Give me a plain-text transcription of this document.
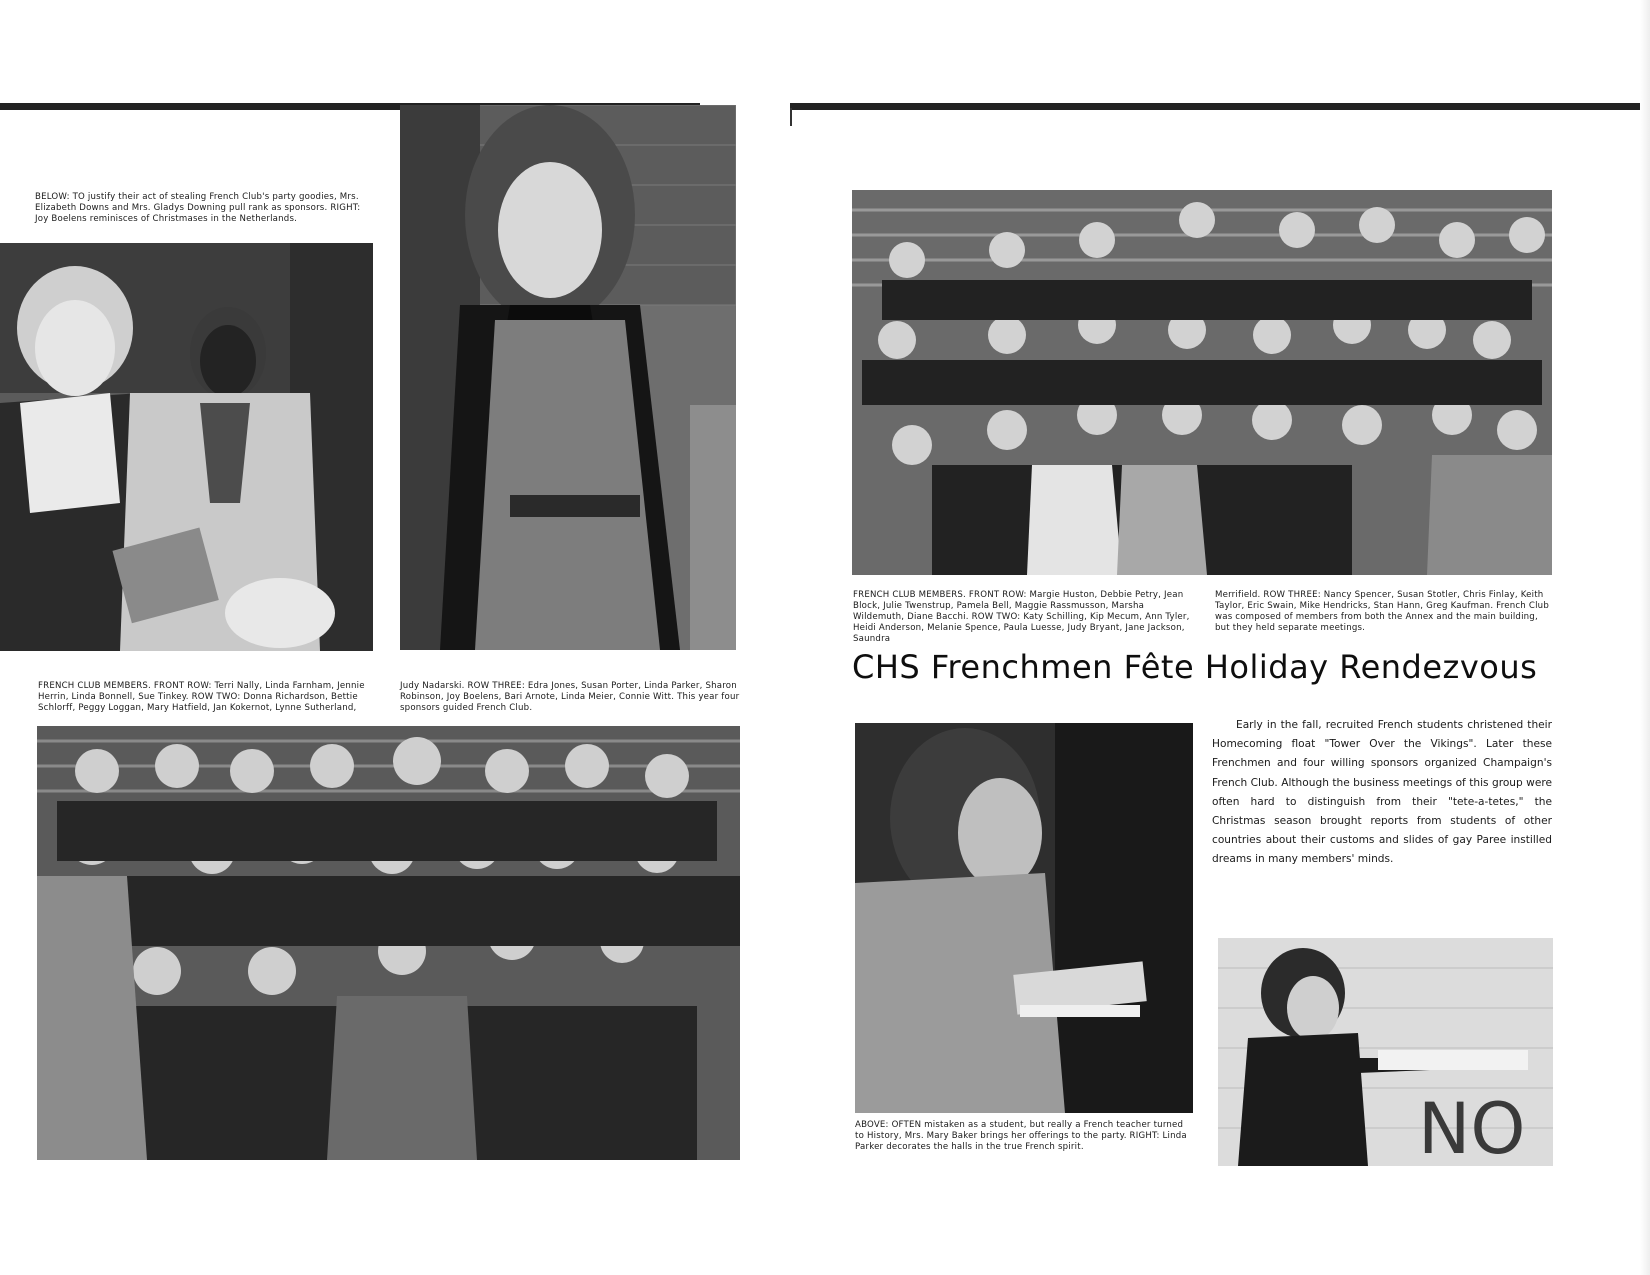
BELOW: TO justify their act of stealing French Club's party goodies, Mrs. Elizabeth Downs and Mrs. Gladys Downing pull rank as sponsors. RIGHT: Joy Boelens reminisces of Christmases in the Netherlands.
FRENCH CLUB MEMBERS. FRONT ROW: Terri Nally, Linda Farnham, Jennie Herrin, Linda Bonnell, Sue Tinkey. ROW TWO: Donna Richardson, Bettie Schlorff, Peggy Loggan, Mary Hatfield, Jan Kokernot, Lynne Sutherland,
Judy Nadarski. ROW THREE: Edra Jones, Susan Porter, Linda Parker, Sharon Robinson, Joy Boelens, Bari Arnote, Linda Meier, Connie Witt. This year four sponsors guided French Club.
FRENCH CLUB MEMBERS. FRONT ROW: Margie Huston, Debbie Petry, Jean Block, Julie Twenstrup, Pamela Bell, Maggie Rassmusson, Marsha Wildemuth, Diane Bacchi. ROW TWO: Katy Schilling, Kip Mecum, Ann Tyler, Heidi Anderson, Melanie Spence, Paula Luesse, Judy Bryant, Jane Jackson, Saundra
Merrifield. ROW THREE: Nancy Spencer, Susan Stotler, Chris Finlay, Keith Taylor, Eric Swain, Mike Hendricks, Stan Hann, Greg Kaufman. French Club was composed of members from both the Annex and the main building, but they held separate meetings.
CHS Frenchmen Fête Holiday Rendezvous
Early in the fall, recruited French students christened their Homecoming float "Tower Over the Vikings". Later these Frenchmen and four willing sponsors organized Champaign's French Club. Although the business meetings of this group were often hard to distinguish from their "tete-a-tetes," the Christmas season brought reports from students of other countries about their customs and slides of gay Paree instilled dreams in many members' minds.
NO
ABOVE: OFTEN mistaken as a student, but really a French teacher turned to History, Mrs. Mary Baker brings her offerings to the party. RIGHT: Linda Parker decorates the halls in the true French spirit.
